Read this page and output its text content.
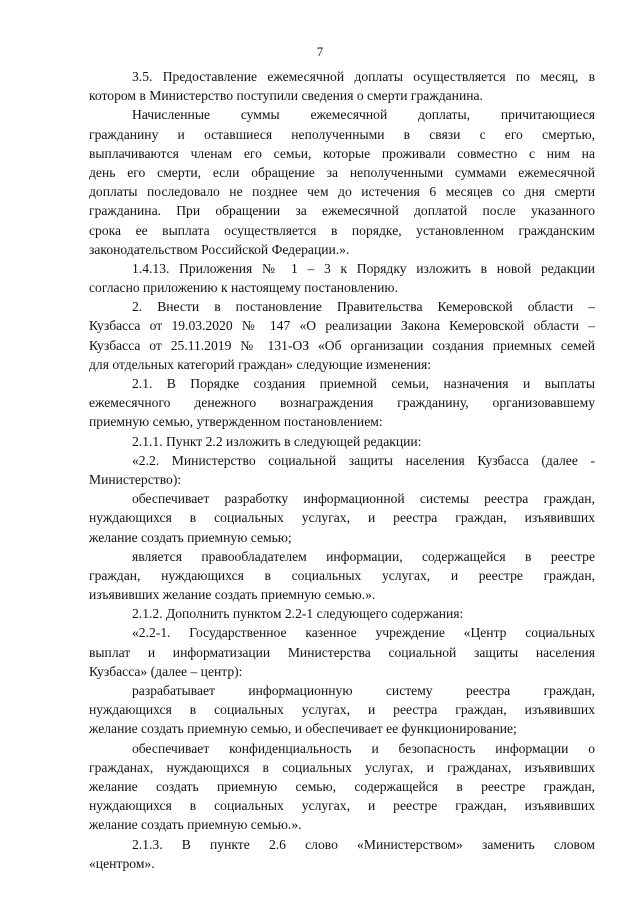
7
3.5. Предоставление ежемесячной доплаты осуществляется по месяц, в
котором в Министерство поступили сведения о смерти гражданина.
Начисленные суммы ежемесячной доплаты, причитающиеся
гражданину и оставшиеся неполученными в связи с его смертью,
выплачиваются членам его семьи, которые проживали совместно с ним на
день его смерти, если обращение за неполученными суммами ежемесячной
доплаты последовало не позднее чем до истечения 6 месяцев со дня смерти
гражданина. При обращении за ежемесячной доплатой после указанного
срока ее выплата осуществляется в порядке, установленном гражданским
законодательством Российской Федерации.».
1.4.13. Приложения № 1 – 3 к Порядку изложить в новой редакции
согласно приложению к настоящему постановлению.
2. Внести в постановление Правительства Кемеровской области –
Кузбасса от 19.03.2020 № 147 «О реализации Закона Кемеровской области –
Кузбасса от 25.11.2019 № 131-ОЗ «Об организации создания приемных семей
для отдельных категорий граждан» следующие изменения:
2.1. В Порядке создания приемной семьи, назначения и выплаты
ежемесячного денежного вознаграждения гражданину, организовавшему
приемную семью, утвержденном постановлением:
2.1.1. Пункт 2.2 изложить в следующей редакции:
«2.2. Министерство социальной защиты населения Кузбасса (далее -
Министерство):
обеспечивает разработку информационной системы реестра граждан,
нуждающихся в социальных услугах, и реестра граждан, изъявивших
желание создать приемную семью;
является правообладателем информации, содержащейся в реестре
граждан, нуждающихся в социальных услугах, и реестре граждан,
изъявивших желание создать приемную семью.».
2.1.2. Дополнить пунктом 2.2-1 следующего содержания:
«2.2-1. Государственное казенное учреждение «Центр социальных
выплат и информатизации Министерства социальной защиты населения
Кузбасса» (далее – центр):
разрабатывает информационную систему реестра граждан,
нуждающихся в социальных услугах, и реестра граждан, изъявивших
желание создать приемную семью, и обеспечивает ее функционирование;
обеспечивает конфиденциальность и безопасность информации о
гражданах, нуждающихся в социальных услугах, и гражданах, изъявивших
желание создать приемную семью, содержащейся в реестре граждан,
нуждающихся в социальных услугах, и реестре граждан, изъявивших
желание создать приемную семью.».
2.1.3. В пункте 2.6 слово «Министерством» заменить словом
«центром».
